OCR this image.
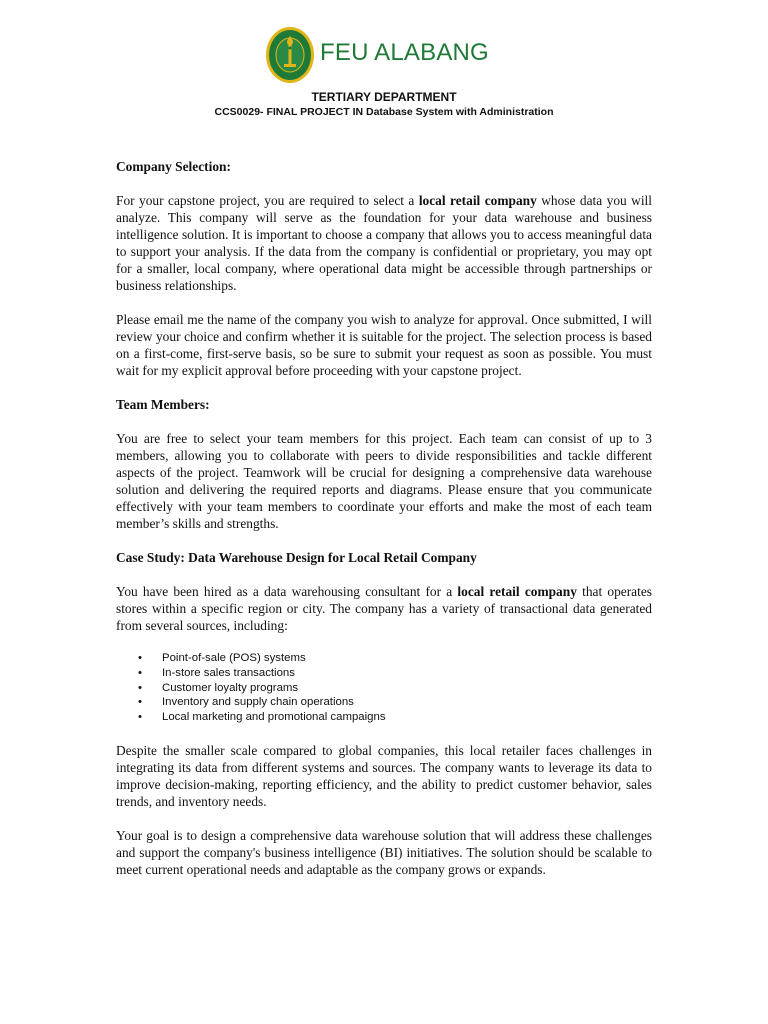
FEU ALABANG
TERTIARY DEPARTMENT
CCS0029- FINAL PROJECT IN Database System with Administration
Company Selection:

For your capstone project, you are required to select a local retail company whose data you will analyze. This company will serve as the foundation for your data warehouse and business intelligence solution. It is important to choose a company that allows you to access meaningful data to support your analysis. If the data from the company is confidential or proprietary, you may opt for a smaller, local company, where operational data might be accessible through partnerships or business relationships.

Please email me the name of the company you wish to analyze for approval. Once submitted, I will review your choice and confirm whether it is suitable for the project. The selection process is based on a first-come, first-serve basis, so be sure to submit your request as soon as possible. You must wait for my explicit approval before proceeding with your capstone project.

Team Members:

You are free to select your team members for this project. Each team can consist of up to 3 members, allowing you to collaborate with peers to divide responsibilities and tackle different aspects of the project. Teamwork will be crucial for designing a comprehensive data warehouse solution and delivering the required reports and diagrams. Please ensure that you communicate effectively with your team members to coordinate your efforts and make the most of each team member’s skills and strengths.

Case Study: Data Warehouse Design for Local Retail Company

You have been hired as a data warehousing consultant for a local retail company that operates stores within a specific region or city. The company has a variety of transactional data generated from several sources, including:

• Point-of-sale (POS) systems
• In-store sales transactions
• Customer loyalty programs
• Inventory and supply chain operations
• Local marketing and promotional campaigns

Despite the smaller scale compared to global companies, this local retailer faces challenges in integrating its data from different systems and sources. The company wants to leverage its data to improve decision-making, reporting efficiency, and the ability to predict customer behavior, sales trends, and inventory needs.

Your goal is to design a comprehensive data warehouse solution that will address these challenges and support the company's business intelligence (BI) initiatives. The solution should be scalable to meet current operational needs and adaptable as the company grows or expands.
